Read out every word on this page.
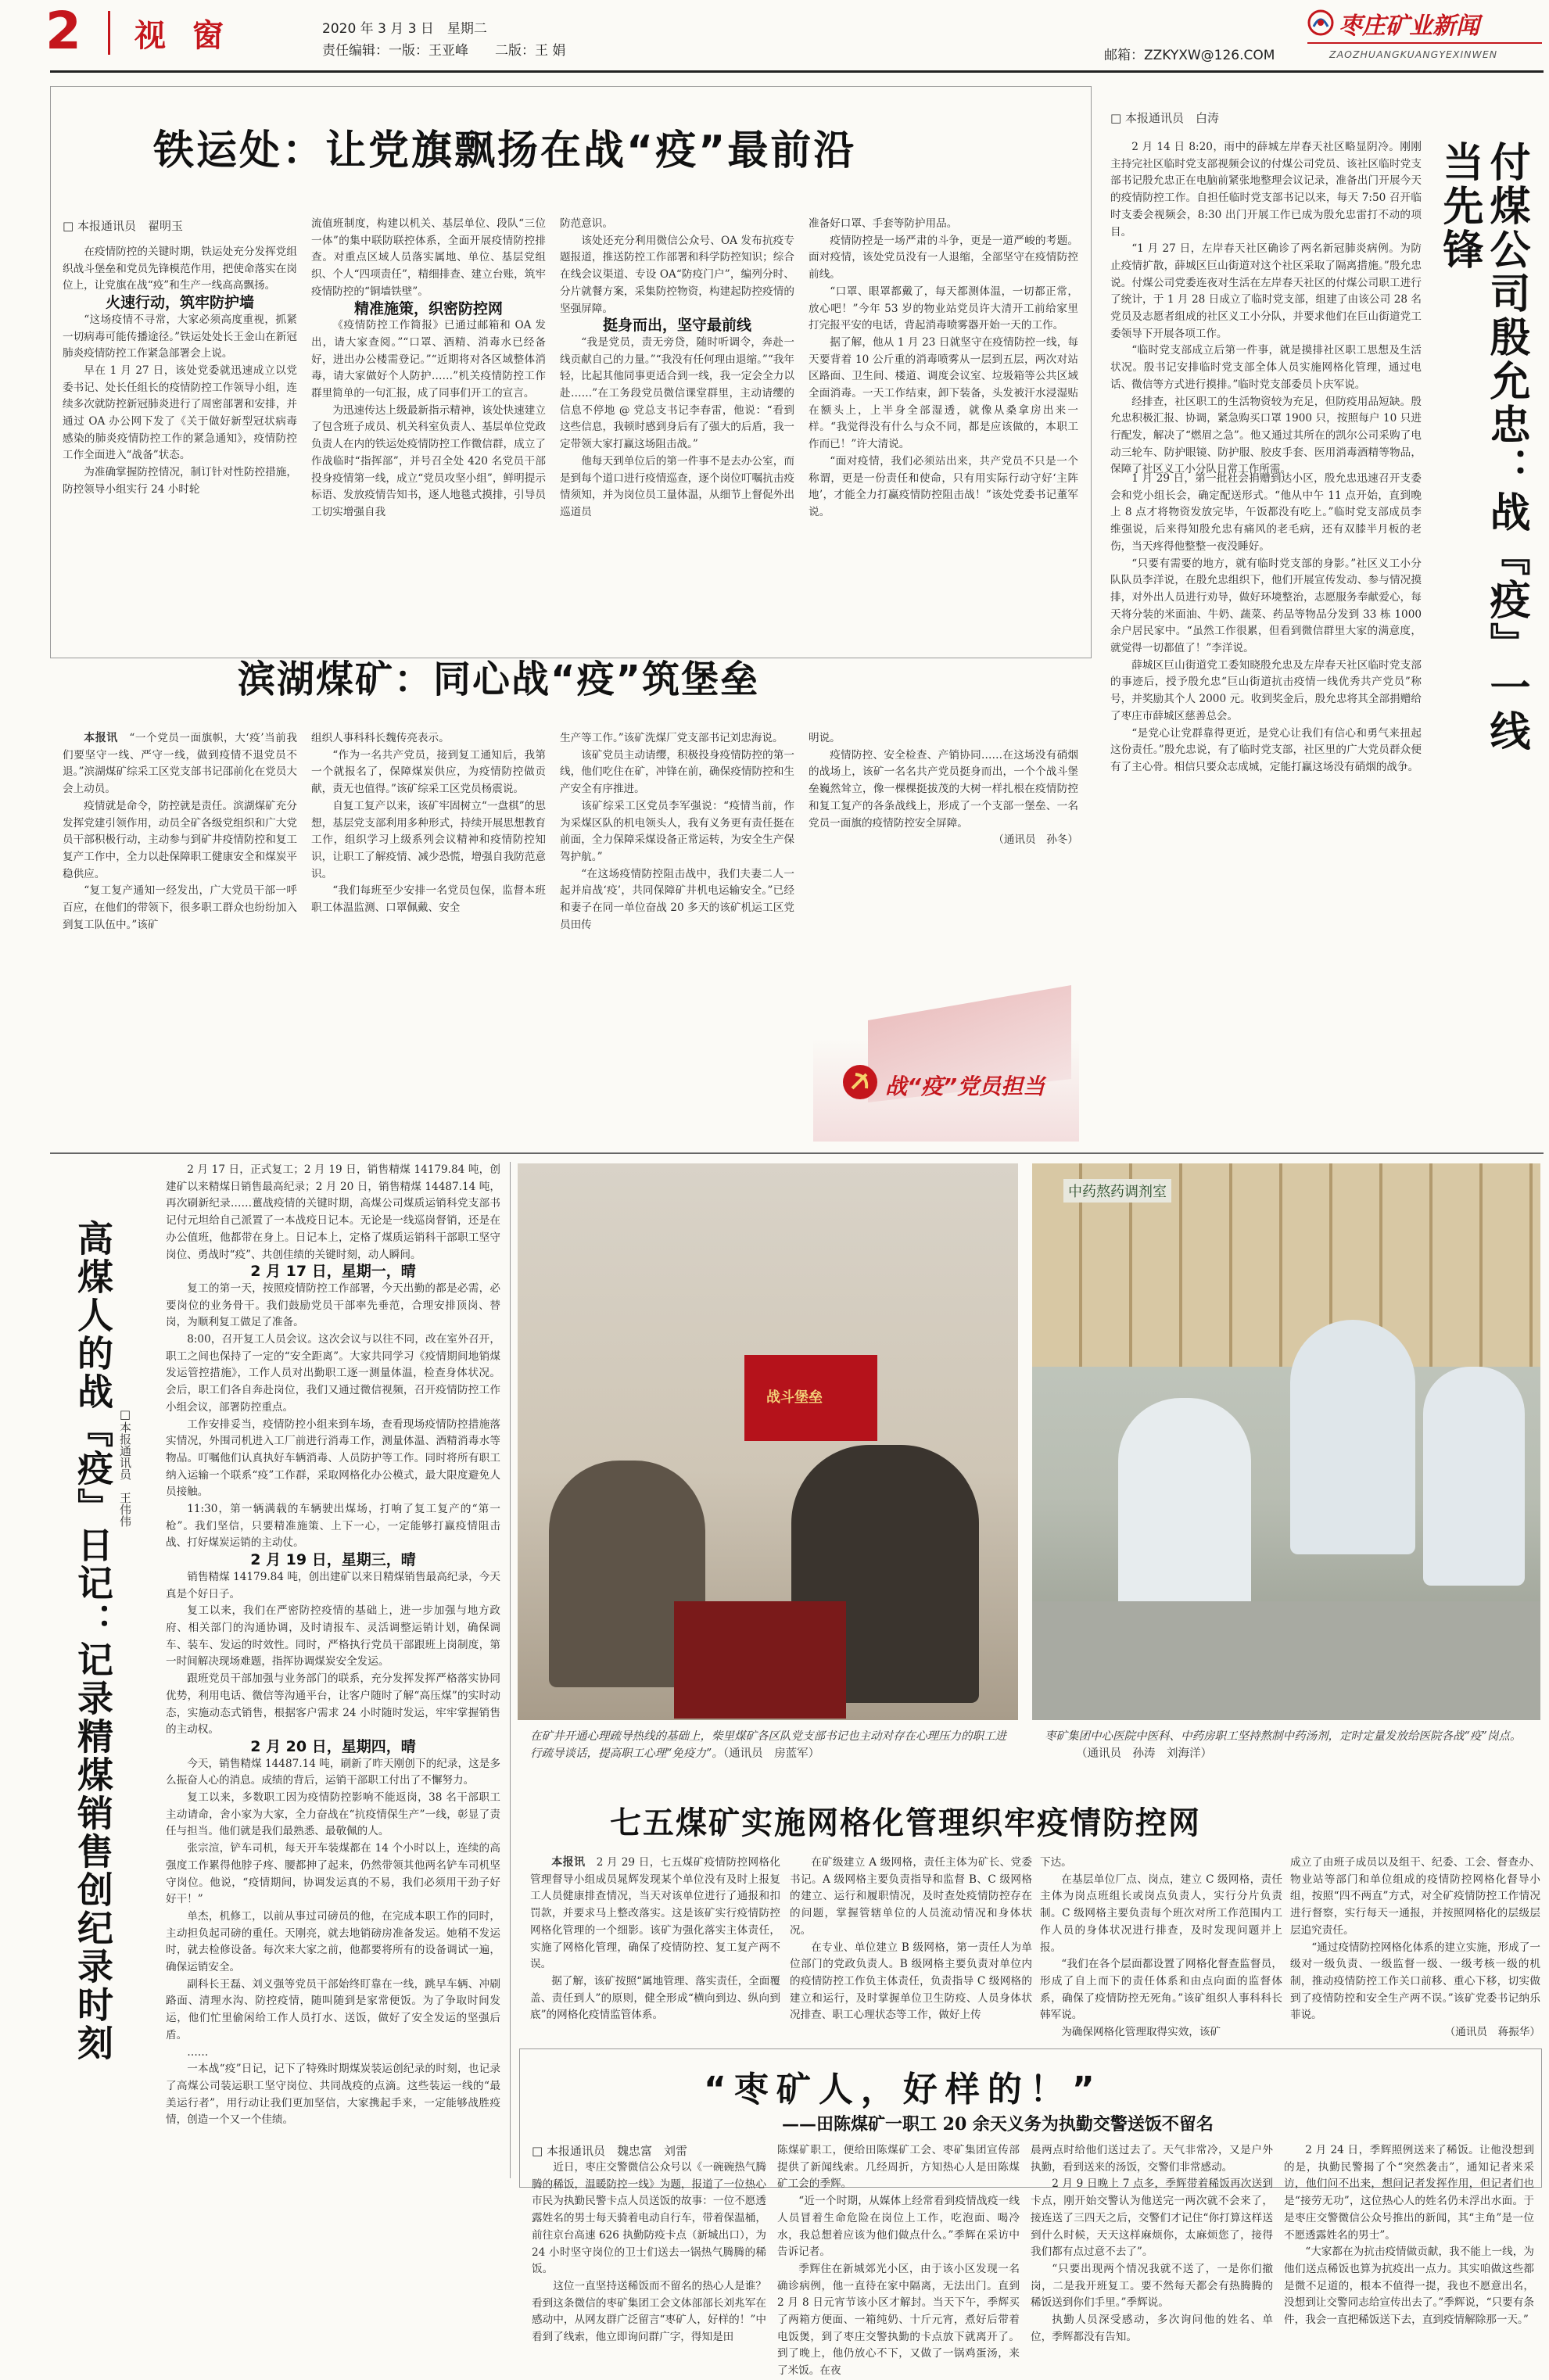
2 视 窗	2020 年 3 月 3 日　星期二
责任编辑：一版：王亚峰　　二版：王 娟
枣庄矿业新闻
邮箱：ZZKYXW@126.COM	ZAOZHUANGKUANGYEXINWEN
铁运处：让党旗飘扬在战“疫”最前沿
□ 本报通讯员　翟明玉

在疫情防控的关键时期，铁运处充分发挥党组织战斗堡垒和党员先锋模范作用，把使命落实在岗位上，让党旗在战“疫”和生产一线高高飘扬。

火速行动，筑牢防护墙

“这场疫情不寻常，大家必须高度重视，抓紧一切病毒可能传播途径。”铁运处处长王金山在新冠肺炎疫情防控工作紧急部署会上说。

早在 1 月 27 日，该处党委就迅速成立以党委书记、处长任组长的疫情防控工作领导小组，连续多次就防控新冠肺炎进行了周密部署和安排，并通过 OA 办公网下发了《关于做好新型冠状病毒感染的肺炎疫情防控工作的紧急通知》，疫情防控工作全面进入“战备”状态。

为准确掌握防控情况，制订针对性防控措施，防控领导小组实行 24 小时轮

流值班制度，构建以机关、基层单位、段队“三位一体”的集中联防联控体系，全面开展疫情防控排查。对重点区域人员落实属地、单位、基层党组织、个人“四项责任”，精细排查、建立台账，筑牢疫情防控的“铜墙铁壁”。

精准施策，织密防控网

《疫情防控工作简报》已通过邮箱和 OA 发出，请大家查阅。”“口罩、酒精、消毒水已经备好，进出办公楼需登记。”“近期将对各区域整体消毒，请大家做好个人防护……”机关疫情防控工作群里简单的一句汇报，成了同事们开工的宣言。

为迅速传达上级最新指示精神，该处快速建立了包含班子成员、机关科室负责人、基层单位党政负责人在内的铁运处疫情防控工作微信群，成立了作战临时“指挥部”，并号召全处 420 名党员干部投身疫情第一线，成立“党员攻坚小组”，鲜明提示标语、发放疫情告知书，逐人地毯式摸排，引导员工切实增强自我

防范意识。

该处还充分利用微信公众号、OA 发布抗疫专题报道，推送防控工作部署和科学防控知识；综合在线会议渠道、专设 OA“防疫门户”，编列分时、分片就餐方案，采集防控物资，构建起防控疫情的坚强屏障。

挺身而出，坚守最前线

“我是党员，责无旁贷，随时听调令，奔赴一线贡献自己的力量。”“我没有任何理由退缩。”“我年轻，比起其他同事更适合到一线，我一定会全力以赴……”在工务段党员微信课堂群里，主动请缨的信息不停地 @ 党总支书记李春雷，他说：“看到这些信息，我顿时感到身后有了强大的后盾，我一定带领大家打赢这场阻击战。”

他每天到单位后的第一件事不是去办公室，而是到每个道口进行疫情巡查，逐个岗位叮嘱抗击疫情须知，并为岗位员工量体温，从细节上督促外出巡道员

准备好口罩、手套等防护用品。

疫情防控是一场严肃的斗争，更是一道严峻的考题。面对疫情，该处党员没有一人退缩，全部坚守在疫情防控前线。

“口罩、眼罩都戴了，每天都测体温，一切都正常，放心吧！”今年 53 岁的物业站党员许大清开工前给家里打完报平安的电话，背起消毒喷雾器开始一天的工作。

据了解，他从 1 月 23 日就坚守在疫情防控一线，每天要背着 10 公斤重的消毒喷雾从一层到五层，两次对站区路面、卫生间、楼道、调度会议室、垃圾箱等公共区域全面消毒。一天工作结束，卸下装备，头发被汗水浸湿贴在额头上，上半身全部湿透，就像从桑拿房出来一样。“我觉得没有什么与众不同，都是应该做的，本职工作而已！”许大清说。

“面对疫情，我们必须站出来，共产党员不只是一个称谓，更是一份责任和使命，只有用实际行动守好‘主阵地’，才能全力打赢疫情防控阻击战！”该处党委书记董军说。

滨湖煤矿：同心战“疫”筑堡垒

本报讯　“一个党员一面旗帜，大‘疫’当前我们要坚守一线、严守一线，做到疫情不退党员不退。”滨湖煤矿综采工区党支部书记邵前化在党员大会上动员。

疫情就是命令，防控就是责任。滨湖煤矿充分发挥党建引领作用，动员全矿各级党组织和广大党员干部积极行动，主动参与到矿井疫情防控和复工复产工作中，全力以赴保障职工健康安全和煤炭平稳供应。

“复工复产通知一经发出，广大党员干部一呼百应，在他们的带领下，很多职工群众也纷纷加入到复工队伍中。”该矿

组织人事科科长魏传亮表示。

“作为一名共产党员，接到复工通知后，我第一个就报名了，保障煤炭供应，为疫情防控做贡献，责无也值得。”该矿综采工区党员杨震说。

自复工复产以来，该矿牢固树立“一盘棋”的思想，基层党支部利用多种形式，持续开展思想教育工作，组织学习上级系列会议精神和疫情防控知识，让职工了解疫情、减少恐慌，增强自我防范意识。

“我们每班至少安排一名党员包保，监督本班职工体温监测、口罩佩戴、安全

生产等工作。”该矿洗煤厂党支部书记刘忠海说。

该矿党员主动请缨，积极投身疫情防控的第一线，他们吃住在矿，冲锋在前，确保疫情防控和生产安全有序推进。

该矿综采工区党员李军强说：“疫情当前，作为采煤区队的机电领头人，我有义务更有责任挺在前面，全力保障采煤设备正常运转，为安全生产保驾护航。”

“在这场疫情防控阻击战中，我们夫妻二人一起并肩战‘疫’，共同保障矿井机电运输安全。”已经和妻子在同一单位奋战 20 多天的该矿机运工区党员田传

明说。

疫情防控、安全检查、产销协同……在这场没有硝烟的战场上，该矿一名名共产党员挺身而出，一个个战斗堡垒巍然耸立，像一棵棵挺拔茂的大树一样扎根在疫情防控和复工复产的各条战线上，形成了一个支部一堡垒、一名党员一面旗的疫情防控安全屏障。

（通讯员　孙冬）

战“疫”党员担当
□ 本报通讯员　白涛
付煤公司殷允忠：战『疫』一线当先锋

2 月 14 日 8:20，雨中的薛城左岸春天社区略显阴冷。刚刚主持完社区临时党支部视频会议的付煤公司党员、该社区临时党支部书记殷允忠正在电脑前紧张地整理会议记录，准备出门开展今天的疫情防控工作。自担任临时党支部书记以来，每天 7:50 召开临时支委会视频会，8:30 出门开展工作已成为殷允忠雷打不动的项目。

“1 月 27 日，左岸春天社区确诊了两名新冠肺炎病例。为防止疫情扩散，薛城区巨山街道对这个社区采取了隔离措施。”殷允忠说。付煤公司党委连夜对生活在左岸春天社区的付煤公司职工进行了统计，于 1 月 28 日成立了临时党支部，组建了由该公司 28 名党员及志愿者组成的社区义工小分队，并要求他们在巨山街道党工委领导下开展各项工作。

“临时党支部成立后第一件事，就是摸排社区职工思想及生活状况。殷书记安排临时党支部全体人员实施网格化管理，通过电话、微信等方式进行摸排。”临时党支部委员卜庆军说。

经排查，社区职工的生活物资较为充足，但防疫用品短缺。殷允忠积极汇报、协调，紧急购买口罩 1900 只，按照每户 10 只进行配发，解决了“燃眉之急”。他又通过其所在的凯尔公司采购了电动三轮车、防护眼镜、防护服、胶皮手套、医用消毒酒精等物品，保障了社区义工小分队日常工作所需。

1 月 29 日，第一批社会捐赠到达小区，殷允忠迅速召开支委会和党小组长会，确定配送形式。“他从中午 11 点开始，直到晚上 8 点才将物资发放完毕，午饭都没有吃上。”临时党支部成员李维强说，后来得知殷允忠有痛风的老毛病，还有双膝半月板的老伤，当天疼得他整整一夜没睡好。

“只要有需要的地方，就有临时党支部的身影。”社区义工小分队队员李洋说，在殷允忠组织下，他们开展宣传发动、参与情况摸排，对外出人员进行劝导，做好环境整治，志愿服务奉献爱心，每天将分装的米面油、牛奶、蔬菜、药品等物品分发到 33 栋 1000 余户居民家中。“虽然工作很累，但看到微信群里大家的满意度，就觉得一切都值了！”李洋说。

薛城区巨山街道党工委知晓殷允忠及左岸春天社区临时党支部的事迹后，授予殷允忠“巨山街道抗击疫情一线优秀共产党员”称号，并奖励其个人 2000 元。收到奖金后，殷允忠将其全部捐赠给了枣庄市薛城区慈善总会。

“是党心让党群靠得更近，是党心让我们有信心和勇气来扭起这份责任。”殷允忠说，有了临时党支部，社区里的广大党员群众便有了主心骨。相信只要众志成城，定能打赢这场没有硝烟的战争。

高煤人的战『疫』日记：记录精煤销售创纪录时刻 □本报通讯员　王伟伟

2 月 17 日，正式复工；2 月 19 日，销售精煤 14179.84 吨，创建矿以来精煤日销售最高纪录；2 月 20 日，销售精煤 14487.14 吨，再次刷新纪录……薑战疫情的关键时期，高煤公司煤质运销科党支部书记付元坦给自己派置了一本战疫日记本。无论是一线巡岗督销，还是在办公值班，他都带在身上。日记本上，定格了煤质运销科干部职工坚守岗位、勇战时“疫”、共创佳绩的关键时刻，动人瞬间。

2 月 17 日，星期一，晴

复工的第一天，按照疫情防控工作部署，今天出勤的都是必需，必要岗位的业务骨干。我们鼓励党员干部率先垂范，合理安排顶岗、替岗，为顺利复工做足了准备。

8:00，召开复工人员会议。这次会议与以往不同，改在室外召开，职工之间也保持了一定的“安全距离”。大家共同学习《疫情期间地销煤发运管控措施》，工作人员对出勤职工逐一测量体温，检查身体状况。会后，职工们各自奔赴岗位，我们又通过微信视频，召开疫情防控工作小组会议，部署防控重点。

工作安排妥当，疫情防控小组来到车场，查看现场疫情防控措施落实情况，外围司机进入工厂前进行消毒工作，测量体温、酒精消毒水等物品。叮嘱他们认真执好车辆消毒、人员防护等工作。同时将所有职工纳入运输一个联系“疫”工作群，采取网格化办公模式，最大限度避免人员接触。

11:30，第一辆满载的车辆驶出煤场，打响了复工复产的“第一枪”。我们坚信，只要精准施策、上下一心，一定能够打赢疫情阻击战、打好煤炭运销的主动仗。

2 月 19 日，星期三，晴

销售精煤 14179.84 吨，创出建矿以来日精煤销售最高纪录，今天真是个好日子。

复工以来，我们在严密防控疫情的基础上，进一步加强与地方政府、相关部门的沟通协调，及时请报车、灵活调整运销计划，确保调车、装车、发运的时效性。同时，严格执行党员干部跟班上岗制度，第一时间解决现场难题，指挥协调煤炭安全发运。

跟班党员干部加强与业务部门的联系，充分发挥发挥严格落实协同优势，利用电话、微信等沟通平台，让客户随时了解“高压煤”的实时动态，实施动态式销售，根据客户需求 24 小时随时发运，牢牢掌握销售的主动权。

2 月 20 日，星期四，晴

今天，销售精煤 14487.14 吨，刷新了昨天刚创下的纪录，这是多么振奋人心的消息。成绩的背后，运销干部职工付出了不懈努力。

复工以来，多数职工因为疫情防控影响不能返岗，38 名干部职工主动请命，舍小家为大家，全力奋战在“抗疫情保生产”一线，彰显了责任与担当。他们就是我们最熟悉、最敬佩的人。

张宗渲，铲车司机，每天开车装煤都在 14 个小时以上，连续的高强度工作累得他脖子疼、腰都抻了起来，仍然带领其他两名铲车司机坚守岗位。他说，“疫情期间，协调发运真的不易，我们必须用干劲子好好干！”

单杰，机修工，以前从事过司磅员的他，在完成本职工作的同时，主动担负起司磅的重任。天刚亮，就去地销磅房准备发运。她稍不发运时，就去检修设备。每次来大家之前，他都要将所有的设备调试一遍，确保运销安全。

副科长王磊、刘义强等党员干部始终盯靠在一线，跳早车辆、冲刷路面、清理水沟、防控疫情，随叫随到是家常便饭。为了争取时间发运，他们忙里偷闲给工作人员打水、送饭，做好了安全发运的坚强后盾。

……

一本战“疫”日记，记下了特殊时期煤炭装运创纪录的时刻，也记录了高煤公司装运职工坚守岗位、共同战疫的点滴。这些装运一线的“最美运行者”，用行动让我们更加坚信，大家携起手来，一定能够战胜疫情，创造一个又一个佳绩。

战斗堡垒
中药熬药调剂室
在矿井开通心理疏导热线的基础上，柴里煤矿各区队党支部书记也主动对存在心理压力的职工进行疏导谈话，提高职工心理“免疫力”。（通讯员　房蓝军）
枣矿集团中心医院中医科、中药房职工坚持熬制中药汤剂，定时定量发放给医院各战“疫”岗点。（通讯员　孙涛　刘海洋）
七五煤矿实施网格化管理织牢疫情防控网

本报讯　2 月 29 日，七五煤矿疫情防控网格化管理督导小组成员晁辉发现某个单位没有及时上报复工人员健康排查情况，当天对该单位进行了通报和扣罚款，并要求马上整改落实。这是该矿实行疫情防控网格化管理的一个细影。该矿为强化落实主体责任，实施了网格化管理，确保了疫情防控、复工复产两不误。

据了解，该矿按照“属地管理、落实责任，全面覆盖、责任到人”的原则，健全形成“横向到边、纵向到底”的网格化疫情监管体系。

在矿级建立 A 级网格，责任主体为矿长、党委书记。A 级网格主要负责指导和监督 B、C 级网格的建立、运行和履职情况，及时查处疫情防控存在的问题，掌握管辖单位的人员流动情况和身体状况。

在专业、单位建立 B 级网格，第一责任人为单位部门的党政负责人。B 级网格主要负责对单位内的疫情防控工作负主体责任，负责指导 C 级网格的建立和运行，及时掌握单位卫生防疫、人员身体状况排查、职工心理状态等工作，做好上传

下达。

在基层单位厂点、岗点，建立 C 级网格，责任主体为岗点班组长或岗点负责人，实行分片负责制。C 级网格主要负责每个班次对所工作范围内工作人员的身体状况进行排查，及时发现问题并上报。

“我们在各个层面都设置了网格化督查监督员，形成了自上而下的责任体系和由点向面的监督体系，确保了疫情防控无死角。”该矿组织人事科科长韩军说。

为确保网格化管理取得实效，该矿

成立了由班子成员以及组干、纪委、工会、督查办、物业站等部门和单位组成的疫情防控网格化督导小组，按照“四不两直”方式，对全矿疫情防控工作情况进行督察，实行每天一通报，并按照网格化的层级层层追究责任。

“通过疫情防控网格化体系的建立实施，形成了一级对一级负责、一级监督一级、一级考核一级的机制，推动疫情防控工作关口前移、重心下移，切实做到了疫情防控和安全生产两不误。”该矿党委书记纳乐菲说。

（通讯员　蒋振华）

“枣矿人，好样的！”
——田陈煤矿一职工 20 余天义务为执勤交警送饭不留名
□ 本报通讯员　魏忠富　刘雷

近日，枣庄交警微信公众号以《一碗碗热气腾腾的稀饭，温暖防控一线》为题，报道了一位热心市民为执勤民警卡点人员送饭的故事：一位不愿透露姓名的男士每天骑着电动自行车，带着保温桶，前往京台高速 626 执勤防疫卡点（新城出口），为 24 小时坚守岗位的卫士们送去一锅热气腾腾的稀饭。

这位一直坚持送稀饭而不留名的热心人是谁？看到这条微信的枣矿集团工会文体部部长刘兆军在感动中，从网友群广泛留言“枣矿人，好样的！”中看到了线索，他立即询问群广字，得知是田

陈煤矿职工，便给田陈煤矿工会、枣矿集团宣传部提供了新闻线索。几经周折，方知热心人是田陈煤矿工会的季辉。

“近一个时期，从媒体上经常看到疫情战疫一线人员冒着生命危险在岗位上工作，吃泡面、喝冷水，我总想着应该为他们做点什么。”季辉在采访中告诉记者。

季辉住在新城郊光小区，由于该小区发现一名确诊病例，他一直待在家中隔离，无法出门。直到 2 月 8 日元宵节该小区才解封。当天下午，季辉买了两箱方便面、一箱纯奶、十斤元宵，煮好后带着电饭煲，到了枣庄交警执勤的卡点放下就离开了。到了晚上，他仍放心不下，又做了一锅鸡蛋汤，来了米饭。在夜

晨两点时给他们送过去了。天气非常冷，又是户外执勤，看到送来的汤饭，交警们非常感动。

2 月 9 日晚上 7 点多，季辉带着稀饭再次送到卡点，刚开始交警认为他送完一两次就不会来了，接连送了三四天之后，交警们才记住“你打算这样送到什么时候，天天这样麻烦你，太麻烦您了，接得我们都有点过意不去了”。

“只要出现两个情况我就不送了，一是你们撤岗，二是我开班复工。要不然每天都会有热腾腾的稀饭送到你们手里。”季辉说。

执勤人员深受感动，多次询问他的姓名、单位，季辉都没有告知。

2 月 24 日，季辉照例送来了稀饭。让他没想到的是，执勤民警揭了个“突然袭击”，通知记者来采访，他们问不出来，想问记者发挥作用，但记者们也是“接劳无功”，这位热心人的姓名仍未浮出水面。于是枣庄交警微信公众号推出的新闻，其“主角”是一位不愿透露姓名的男士”。

“大家都在为抗击疫情做贡献，我不能上一线，为他们送点稀饭也算为抗疫出一点力。其实咱做这些都是微不足道的，根本不值得一提，我也不愿意出名，没想到让交警同志给宣传出去了。”季辉说，“只要有条件，我会一直把稀饭送下去，直到疫情解除那一天。”
